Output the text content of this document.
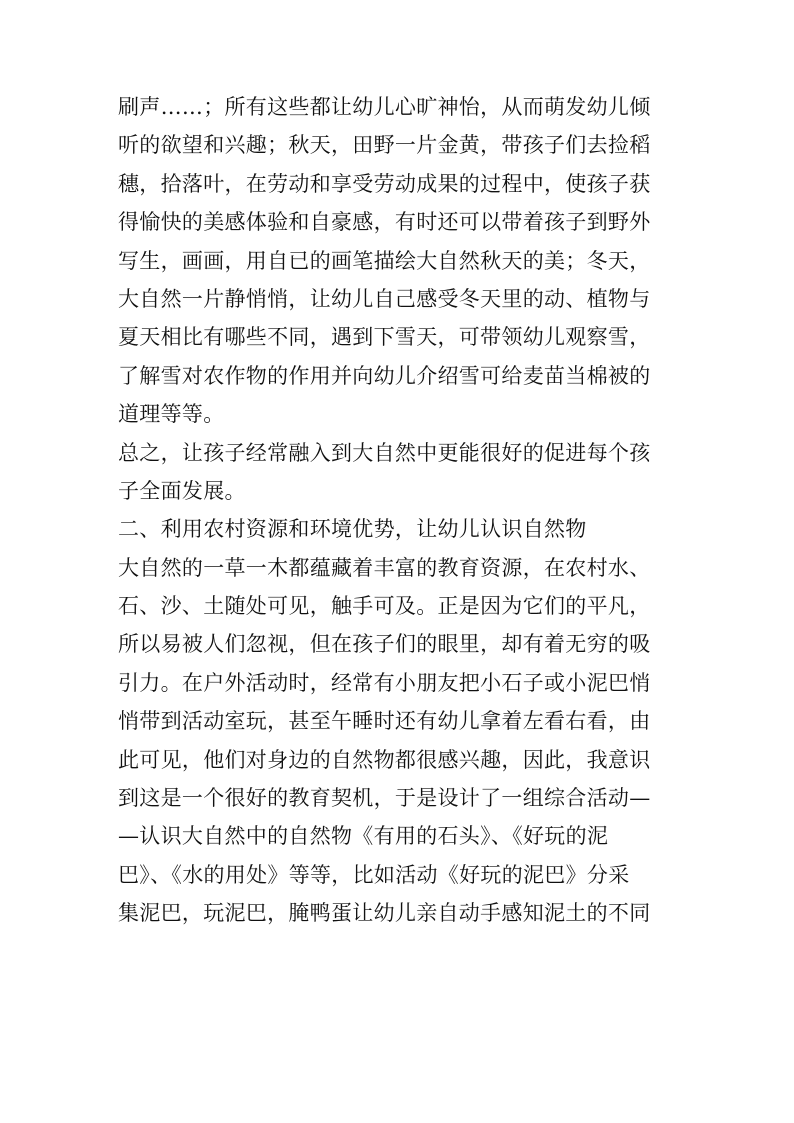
刷声……；所有这些都让幼儿心旷神怡，从而萌发幼儿倾
听的欲望和兴趣；秋天，田野一片金黄，带孩子们去捡稻
穗，拾落叶，在劳动和享受劳动成果的过程中，使孩子获
得愉快的美感体验和自豪感，有时还可以带着孩子到野外
写生，画画，用自已的画笔描绘大自然秋天的美；冬天，
大自然一片静悄悄，让幼儿自己感受冬天里的动、植物与
夏天相比有哪些不同，遇到下雪天，可带领幼儿观察雪，
了解雪对农作物的作用并向幼儿介绍雪可给麦苗当棉被的
道理等等。
总之，让孩子经常融入到大自然中更能很好的促进每个孩
子全面发展。
二、利用农村资源和环境优势，让幼儿认识自然物
大自然的一草一木都蕴藏着丰富的教育资源，在农村水、
石、沙、土随处可见，触手可及。正是因为它们的平凡，
所以易被人们忽视，但在孩子们的眼里，却有着无穷的吸
引力。在户外活动时，经常有小朋友把小石子或小泥巴悄
悄带到活动室玩，甚至午睡时还有幼儿拿着左看右看，由
此可见，他们对身边的自然物都很感兴趣，因此，我意识
到这是一个很好的教育契机，于是设计了一组综合活动—
—认识大自然中的自然物《有用的石头》、《好玩的泥
巴》、《水的用处》等等，比如活动《好玩的泥巴》分采
集泥巴，玩泥巴，腌鸭蛋让幼儿亲自动手感知泥土的不同
